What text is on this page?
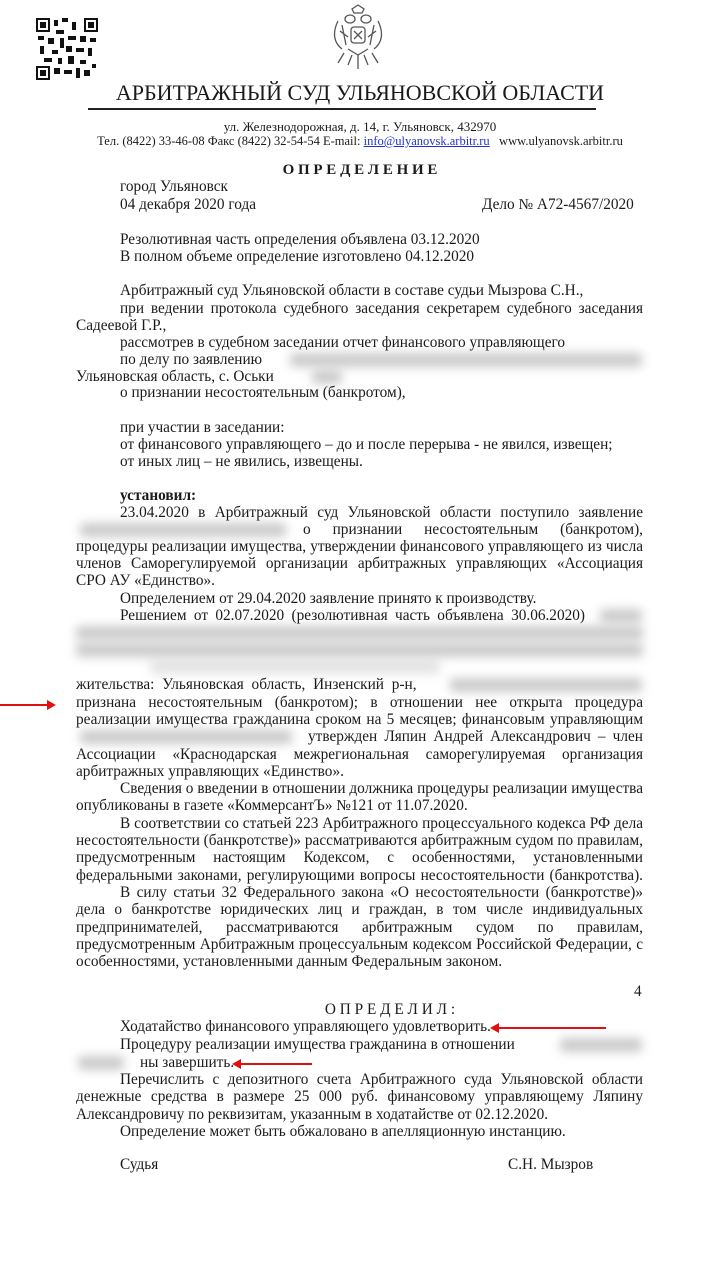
АРБИТРАЖНЫЙ СУД УЛЬЯНОВСКОЙ ОБЛАСТИ
ул. Железнодорожная, д. 14, г. Ульяновск, 432970
Тел. (8422) 33-46-08 Факс (8422) 32-54-54 E-mail: info@ulyanovsk.arbitr.ru www.ulyanovsk.arbitr.ru
О П Р Е Д Е Л Е Н И Е
город Ульяновск
04 декабря 2020 года	Дело № А72-4567/2020
Резолютивная часть определения объявлена 03.12.2020
В полном объеме определение изготовлено 04.12.2020
Арбитражный суд Ульяновской области в составе судьи Мызрова С.Н.,
при ведении протокола судебного заседания секретарем судебного заседания
Садеевой Г.Р.,
рассмотрев в судебном заседании отчет финансового управляющего
по делу по заявлению
Ульяновская область, с. Оськи
о признании несостоятельным (банкротом),
при участии в заседании:
от финансового управляющего – до и после перерыва - не явился, извещен;
от иных лиц – не явились, извещены.
установил:
23.04.2020 в Арбитражный суд Ульяновской области поступило заявление
о признании несостоятельным (банкротом),
процедуры реализации имущества, утверждении финансового управляющего из числа
членов Саморегулируемой организации арбитражных управляющих «Ассоциация
СРО АУ «Единство».
Определением от 29.04.2020 заявление принято к производству.
Решением от 02.07.2020 (резолютивная часть объявлена 30.06.2020)
жительства: Ульяновская область, Инзенский р-н,
признана несостоятельным (банкротом); в отношении нее открыта процедура
реализации имущества гражданина сроком на 5 месяцев; финансовым управляющим
утвержден Ляпин Андрей Александрович – член
Ассоциации «Краснодарская межрегиональная саморегулируемая организация
арбитражных управляющих «Единство».
Сведения о введении в отношении должника процедуры реализации имущества
опубликованы в газете «КоммерсантЪ» №121 от 11.07.2020.
В соответствии со статьей 223 Арбитражного процессуального кодекса РФ дела
несостоятельности (банкротстве)» рассматриваются арбитражным судом по правилам,
предусмотренным настоящим Кодексом, с особенностями, установленными
федеральными законами, регулирующими вопросы несостоятельности (банкротства).
В силу статьи 32 Федерального закона «О несостоятельности (банкротстве)»
дела о банкротстве юридических лиц и граждан, в том числе индивидуальных
предпринимателей, рассматриваются арбитражным судом по правилам,
предусмотренным Арбитражным процессуальным кодексом Российской Федерации, с
особенностями, установленными данным Федеральным законом.
4
О П Р Е Д Е Л И Л :
Ходатайство финансового управляющего удовлетворить.
Процедуру реализации имущества гражданина в отношении
ны завершить.
Перечислить с депозитного счета Арбитражного суда Ульяновской области
денежные средства в размере 25 000 руб. финансовому управляющему Ляпину
Александровичу по реквизитам, указанным в ходатайстве от 02.12.2020.
Определение может быть обжаловано в апелляционную инстанцию.
Судья	С.Н. Мызров
